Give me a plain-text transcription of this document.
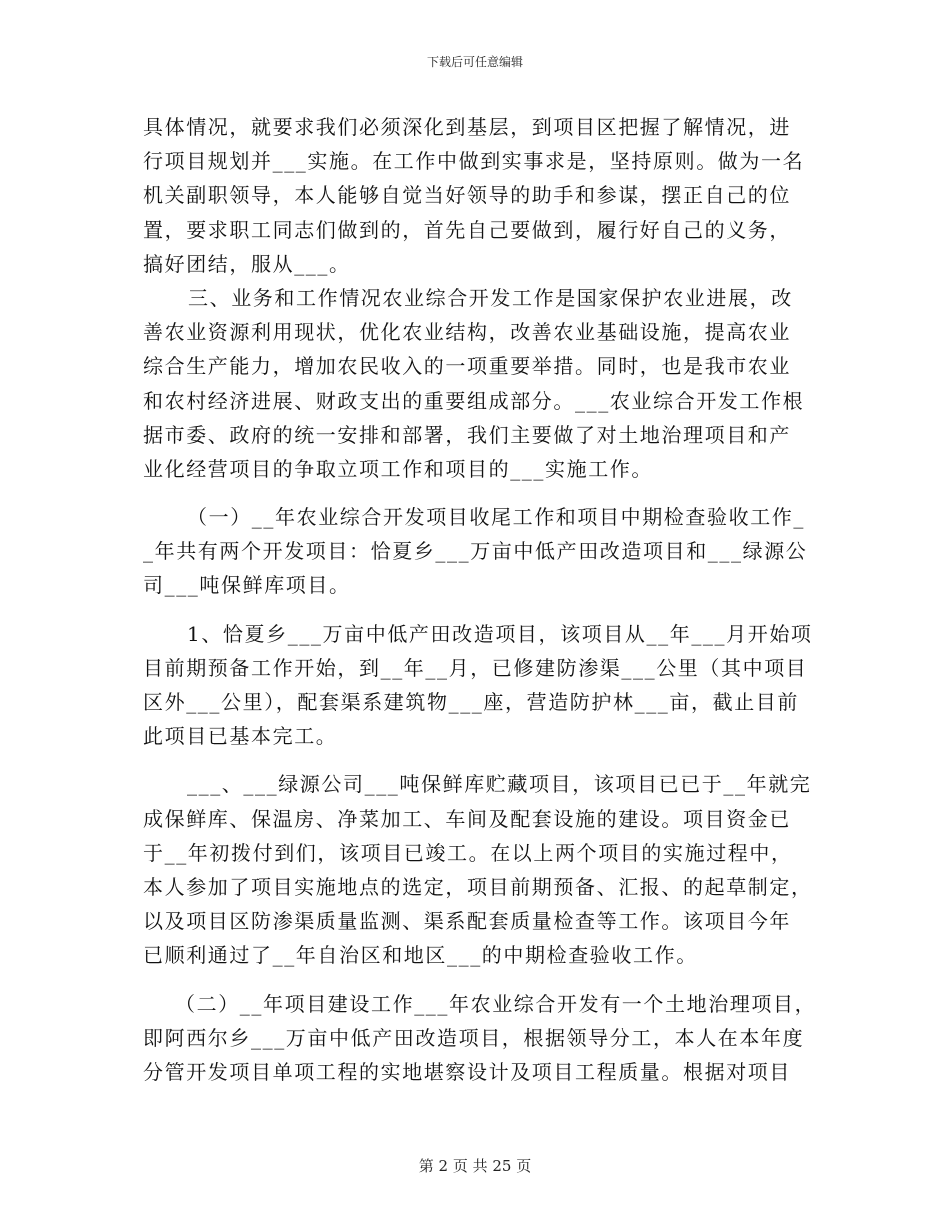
下载后可任意编辑
具体情况，就要求我们必须深化到基层，到项目区把握了解情况，进
行项目规划并___实施。在工作中做到实事求是，坚持原则。做为一名
机关副职领导，本人能够自觉当好领导的助手和参谋，摆正自己的位
置，要求职工同志们做到的，首先自己要做到，履行好自己的义务，
搞好团结，服从___。
三、业务和工作情况农业综合开发工作是国家保护农业进展，改
善农业资源利用现状，优化农业结构，改善农业基础设施，提高农业
综合生产能力，增加农民收入的一项重要举措。同时，也是我市农业
和农村经济进展、财政支出的重要组成部分。___农业综合开发工作根
据市委、政府的统一安排和部署，我们主要做了对土地治理项目和产
业化经营项目的争取立项工作和项目的___实施工作。
（一）__年农业综合开发项目收尾工作和项目中期检查验收工作_
_年共有两个开发项目：恰夏乡___万亩中低产田改造项目和___绿源公
司___吨保鲜库项目。
1、恰夏乡___万亩中低产田改造项目，该项目从__年___月开始项
目前期预备工作开始，到__年__月，已修建防渗渠___公里（其中项目
区外___公里），配套渠系建筑物___座，营造防护林___亩，截止目前
此项目已基本完工。
___、___绿源公司___吨保鲜库贮藏项目，该项目已已于__年就完
成保鲜库、保温房、净菜加工、车间及配套设施的建设。项目资金已
于__年初拨付到们，该项目已竣工。在以上两个项目的实施过程中，
本人参加了项目实施地点的选定，项目前期预备、汇报、的起草制定，
以及项目区防渗渠质量监测、渠系配套质量检查等工作。该项目今年
已顺利通过了__年自治区和地区___的中期检查验收工作。
（二）__年项目建设工作___年农业综合开发有一个土地治理项目，
即阿西尔乡___万亩中低产田改造项目，根据领导分工，本人在本年度
分管开发项目单项工程的实地堪察设计及项目工程质量。根据对项目
第 2 页 共 25 页
